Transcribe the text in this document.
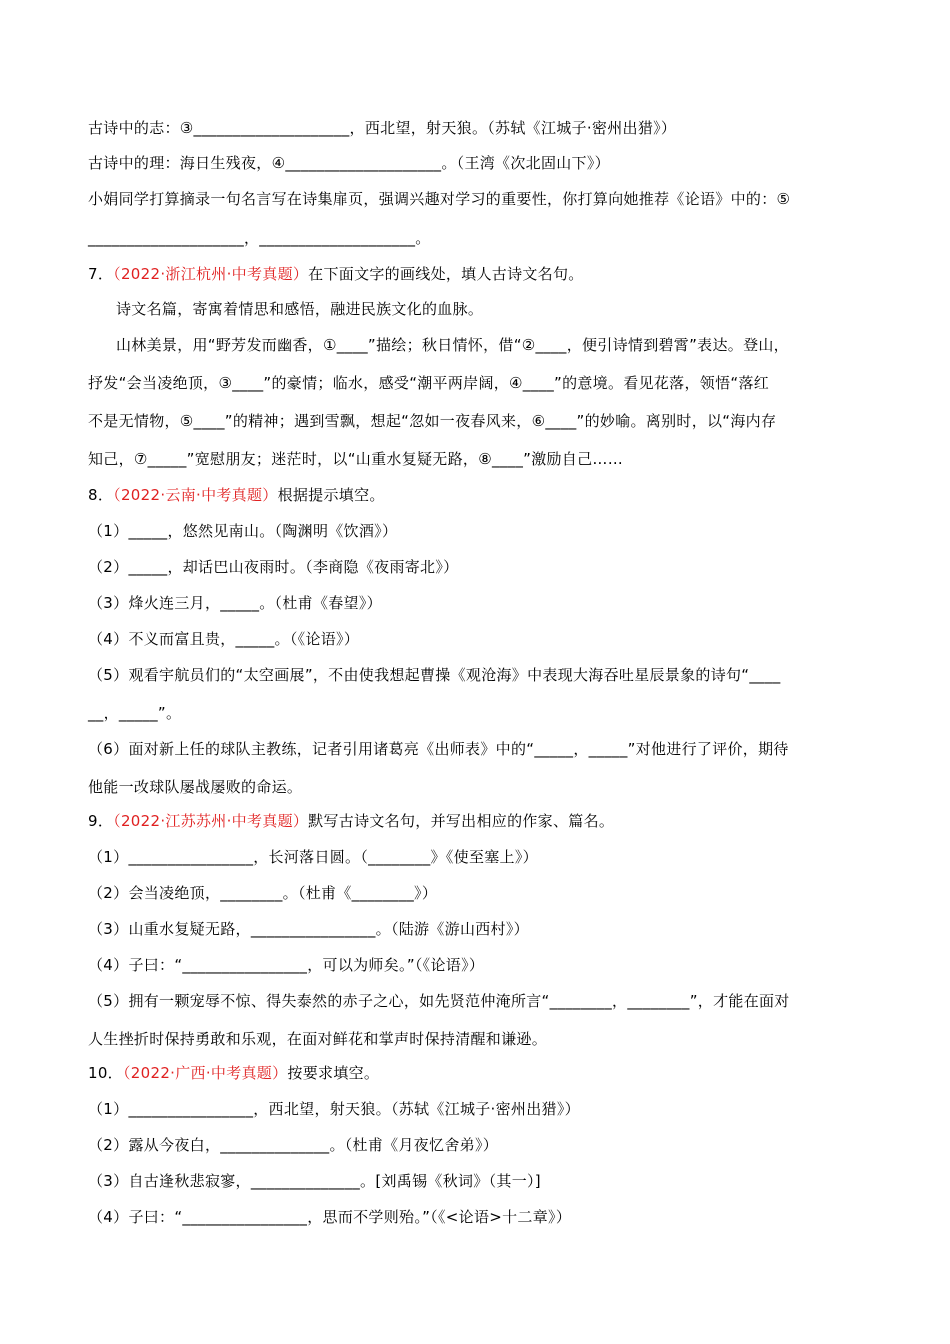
古诗中的志：③____________________，西北望，射天狼。（苏轼《江城子·密州出猎》）
古诗中的理：海日生残夜，④____________________。（王湾《次北固山下》）
小娟同学打算摘录一句名言写在诗集扉页，强调兴趣对学习的重要性，你打算向她推荐《论语》中的：⑤
____________________，____________________。
7．（2022·浙江杭州·中考真题）在下面文字的画线处，填人古诗文名句。
诗文名篇，寄寓着情思和感悟，融进民族文化的血脉。
山林美景，用“野芳发而幽香，①____”描绘；秋日情怀，借“②____，便引诗情到碧霄”表达。登山，
抒发“会当凌绝顶，③____”的豪情；临水，感受“潮平两岸阔，④____”的意境。看见花落，领悟“落红
不是无情物，⑤____”的精神；遇到雪飘，想起“忽如一夜春风来，⑥____”的妙喻。离别时，以“海内存
知己，⑦_____”宽慰朋友；迷茫时，以“山重水复疑无路，⑧____”激励自己……
8．（2022·云南·中考真题）根据提示填空。
（1）_____，悠然见南山。（陶渊明《饮酒》）
（2）_____，却话巴山夜雨时。（李商隐《夜雨寄北》）
（3）烽火连三月，_____。（杜甫《春望》）
（4）不义而富且贵，_____。（《论语》）
（5）观看宇航员们的“太空画展”，不由使我想起曹操《观沧海》中表现大海吞吐星辰景象的诗句“____
__，_____”。
（6）面对新上任的球队主教练，记者引用诸葛亮《出师表》中的“_____，_____”对他进行了评价，期待
他能一改球队屡战屡败的命运。
9．（2022·江苏苏州·中考真题）默写古诗文名句，并写出相应的作家、篇名。
（1）________________，长河落日圆。（________》《使至塞上》）
（2）会当凌绝顶，________。（杜甫《________》）
（3）山重水复疑无路，________________。（陆游《游山西村》）
（4）子曰：“________________，可以为师矣。”（《论语》）
（5）拥有一颗宠辱不惊、得失泰然的赤子之心，如先贤范仲淹所言“________，________”，才能在面对
人生挫折时保持勇敢和乐观，在面对鲜花和掌声时保持清醒和谦逊。
10．（2022·广西·中考真题）按要求填空。
（1）________________，西北望，射天狼。（苏轼《江城子·密州出猎》）
（2）露从今夜白，______________。（杜甫《月夜忆舍弟》）
（3）自古逢秋悲寂寥，______________。[刘禹锡《秋词》（其一）]
（4）子曰：“________________，思而不学则殆。”（《<论语>十二章》）
